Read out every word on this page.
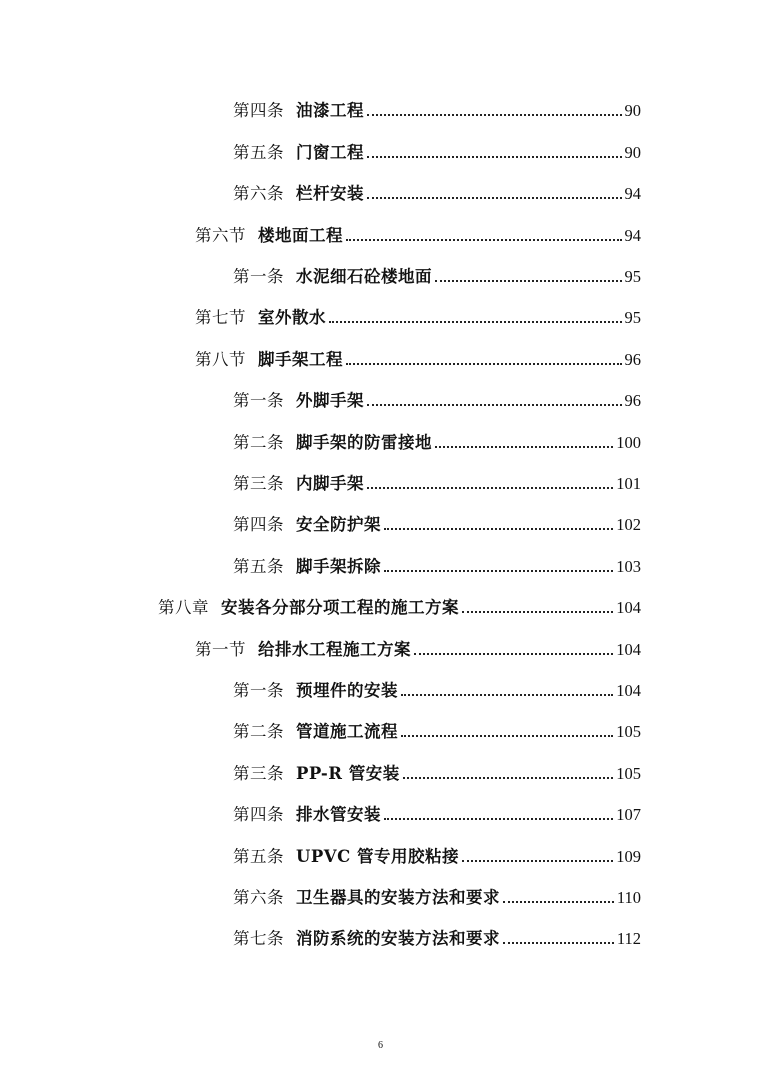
第四条 油漆工程	90
第五条 门窗工程	90
第六条 栏杆安装	94
第六节 楼地面工程	94
第一条 水泥细石砼楼地面	95
第七节 室外散水	95
第八节 脚手架工程	96
第一条 外脚手架	96
第二条 脚手架的防雷接地	100
第三条 内脚手架	101
第四条 安全防护架	102
第五条 脚手架拆除	103
第八章 安装各分部分项工程的施工方案	104
第一节 给排水工程施工方案	104
第一条 预埋件的安装	104
第二条 管道施工流程	105
第三条 PP-R 管安装	105
第四条 排水管安装	107
第五条 UPVC 管专用胶粘接	109
第六条 卫生器具的安装方法和要求	110
第七条 消防系统的安装方法和要求	112
6
